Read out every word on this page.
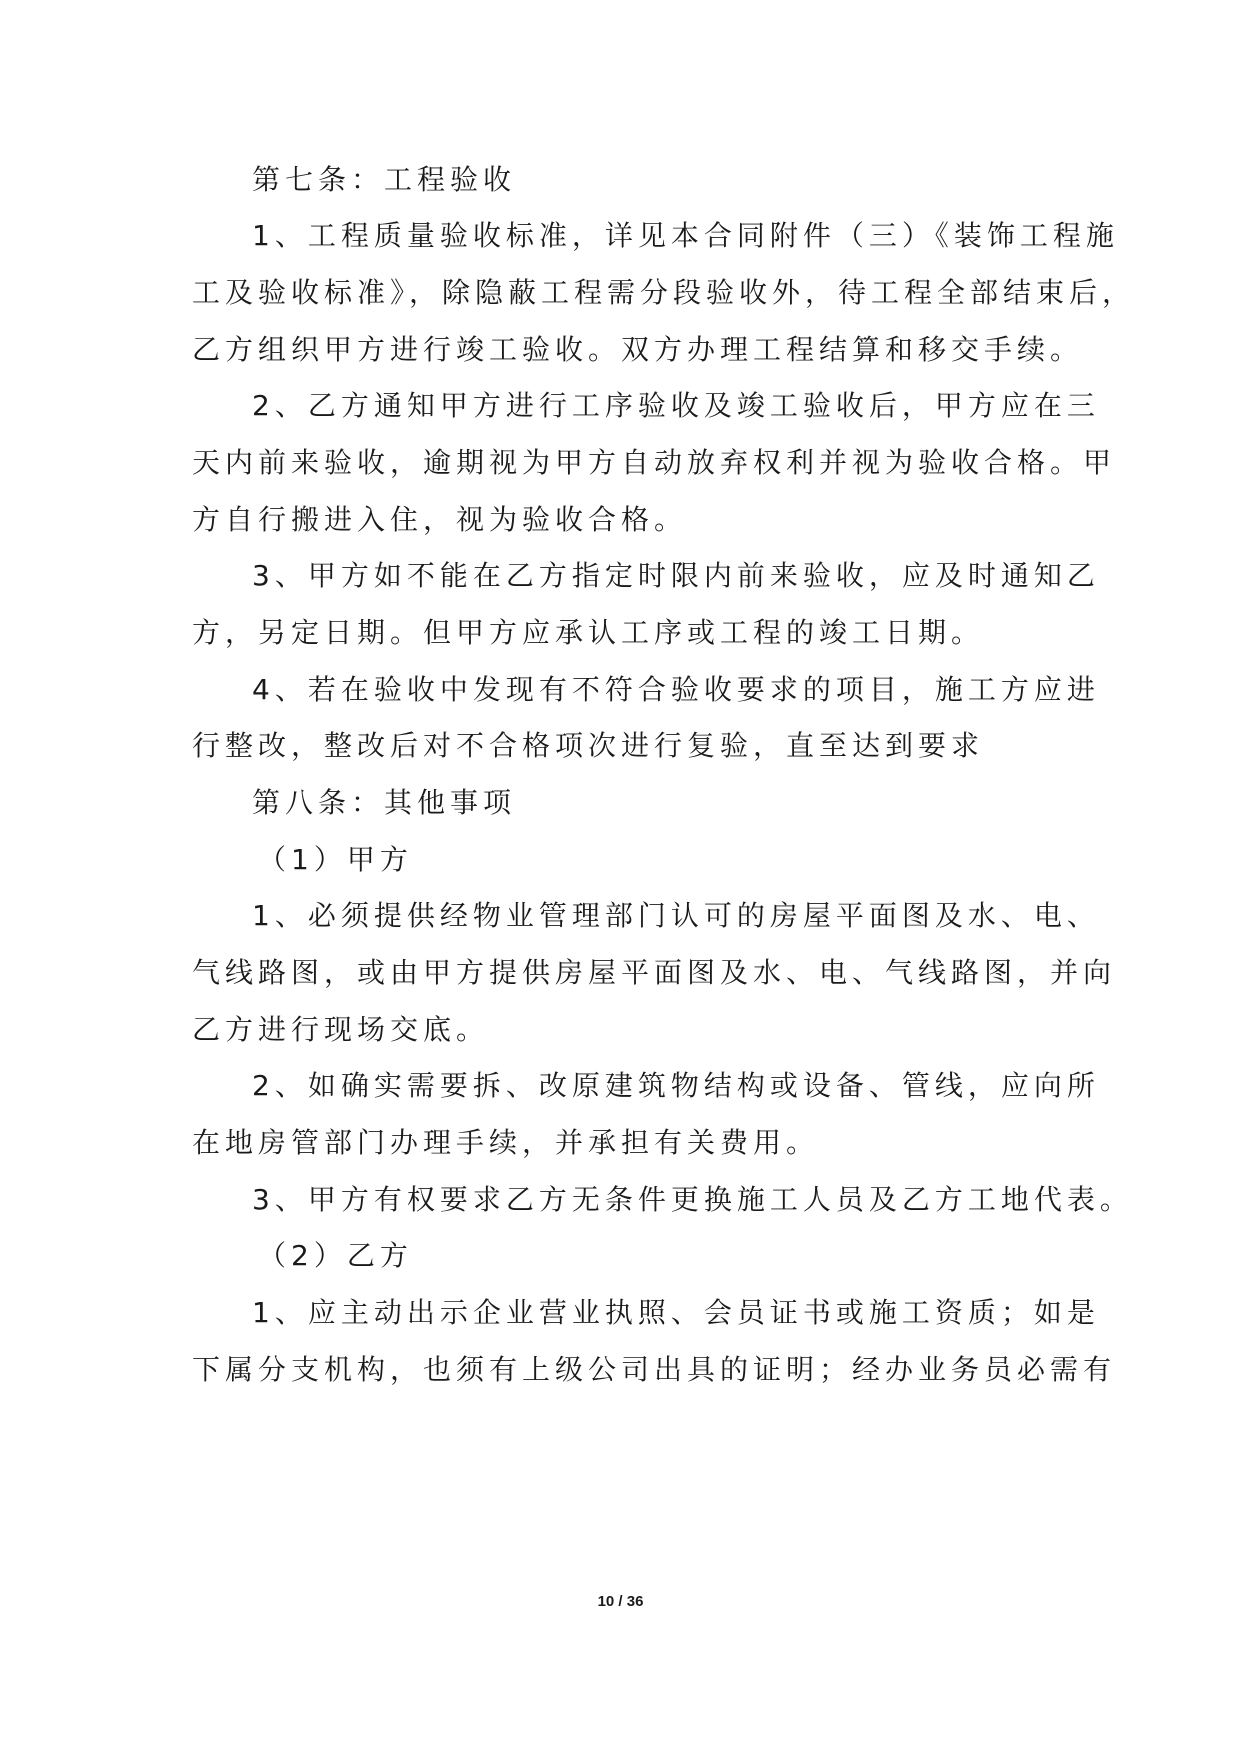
第七条：工程验收
1、工程质量验收标准，详见本合同附件（三）《装饰工程施
工及验收标准》，除隐蔽工程需分段验收外，待工程全部结束后，
乙方组织甲方进行竣工验收。双方办理工程结算和移交手续。
2、乙方通知甲方进行工序验收及竣工验收后，甲方应在三
天内前来验收，逾期视为甲方自动放弃权利并视为验收合格。甲
方自行搬进入住，视为验收合格。
3、甲方如不能在乙方指定时限内前来验收，应及时通知乙
方，另定日期。但甲方应承认工序或工程的竣工日期。
4、若在验收中发现有不符合验收要求的项目，施工方应进
行整改，整改后对不合格项次进行复验，直至达到要求
第八条：其他事项
（1）甲方
1、必须提供经物业管理部门认可的房屋平面图及水、电、
气线路图，或由甲方提供房屋平面图及水、电、气线路图，并向
乙方进行现场交底。
2、如确实需要拆、改原建筑物结构或设备、管线，应向所
在地房管部门办理手续，并承担有关费用。
3、甲方有权要求乙方无条件更换施工人员及乙方工地代表。
（2）乙方
1、应主动出示企业营业执照、会员证书或施工资质；如是
下属分支机构，也须有上级公司出具的证明；经办业务员必需有
10 / 36
